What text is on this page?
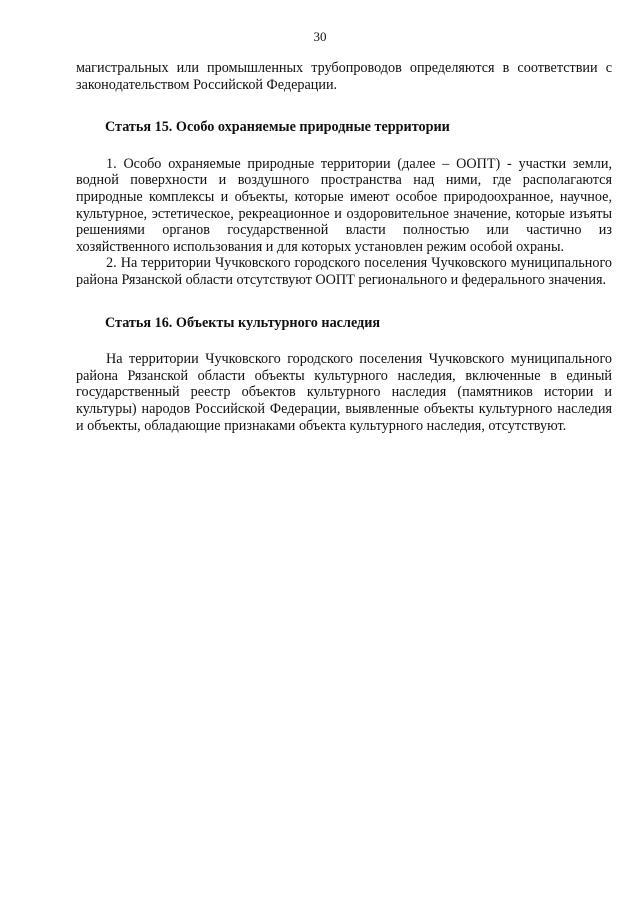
30

магистральных или промышленных трубопроводов определяются в соответствии с законодательством Российской Федерации.

Статья 15. Особо охраняемые природные территории

1. Особо охраняемые природные территории (далее – ООПТ) - участки земли, водной поверхности и воздушного пространства над ними, где располагаются природные комплексы и объекты, которые имеют особое природоохранное, научное, культурное, эстетическое, рекреационное и оздоровительное значение, которые изъяты решениями органов государственной власти полностью или частично из хозяйственного использования и для которых установлен режим особой охраны.

2. На территории Чучковского городского поселения Чучковского муниципального района Рязанской области отсутствуют ООПТ регионального и федерального значения.

Статья 16. Объекты культурного наследия

На территории Чучковского городского поселения Чучковского муниципального района Рязанской области объекты культурного наследия, включенные в единый государственный реестр объектов культурного наследия (памятников истории и культуры) народов Российской Федерации, выявленные объекты культурного наследия и объекты, обладающие признаками объекта культурного наследия, отсутствуют.
